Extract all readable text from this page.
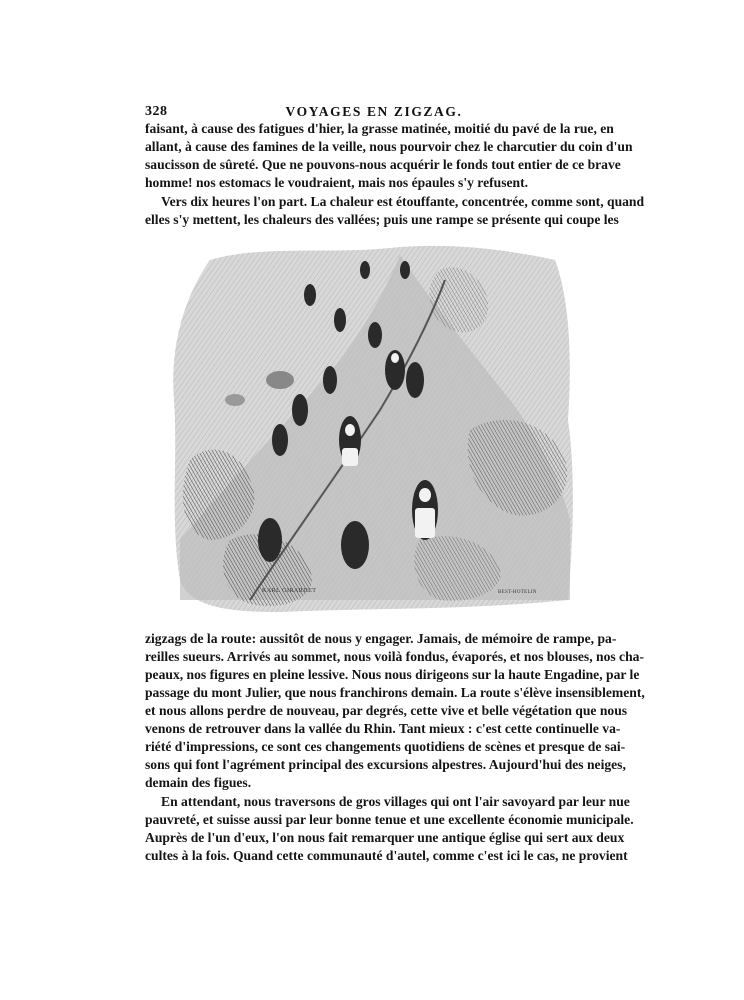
328	VOYAGES EN ZIGZAG.
faisant, à cause des fatigues d'hier, la grasse matinée, moitié du pavé de la rue, en
allant, à cause des famines de la veille, nous pourvoir chez le charcutier du coin d'un
saucisson de sûreté. Que ne pouvons-nous acquérir le fonds tout entier de ce brave
homme! nos estomacs le voudraient, mais nos épaules s'y refusent.
Vers dix heures l'on part. La chaleur est étouffante, concentrée, comme sont, quand
elles s'y mettent, les chaleurs des vallées; puis une rampe se présente qui coupe les
KARL GIRARDET	BEST-HOTELIN
zigzags de la route: aussitôt de nous y engager. Jamais, de mémoire de rampe, pa-
reilles sueurs. Arrivés au sommet, nous voilà fondus, évaporés, et nos blouses, nos cha-
peaux, nos figures en pleine lessive. Nous nous dirigeons sur la haute Engadine, par le
passage du mont Julier, que nous franchirons demain. La route s'élève insensiblement,
et nous allons perdre de nouveau, par degrés, cette vive et belle végétation que nous
venons de retrouver dans la vallée du Rhin. Tant mieux : c'est cette continuelle va-
riété d'impressions, ce sont ces changements quotidiens de scènes et presque de sai-
sons qui font l'agrément principal des excursions alpestres. Aujourd'hui des neiges,
demain des figues.
En attendant, nous traversons de gros villages qui ont l'air savoyard par leur nue
pauvreté, et suisse aussi par leur bonne tenue et une excellente économie municipale.
Auprès de l'un d'eux, l'on nous fait remarquer une antique église qui sert aux deux
cultes à la fois. Quand cette communauté d'autel, comme c'est ici le cas, ne provient
